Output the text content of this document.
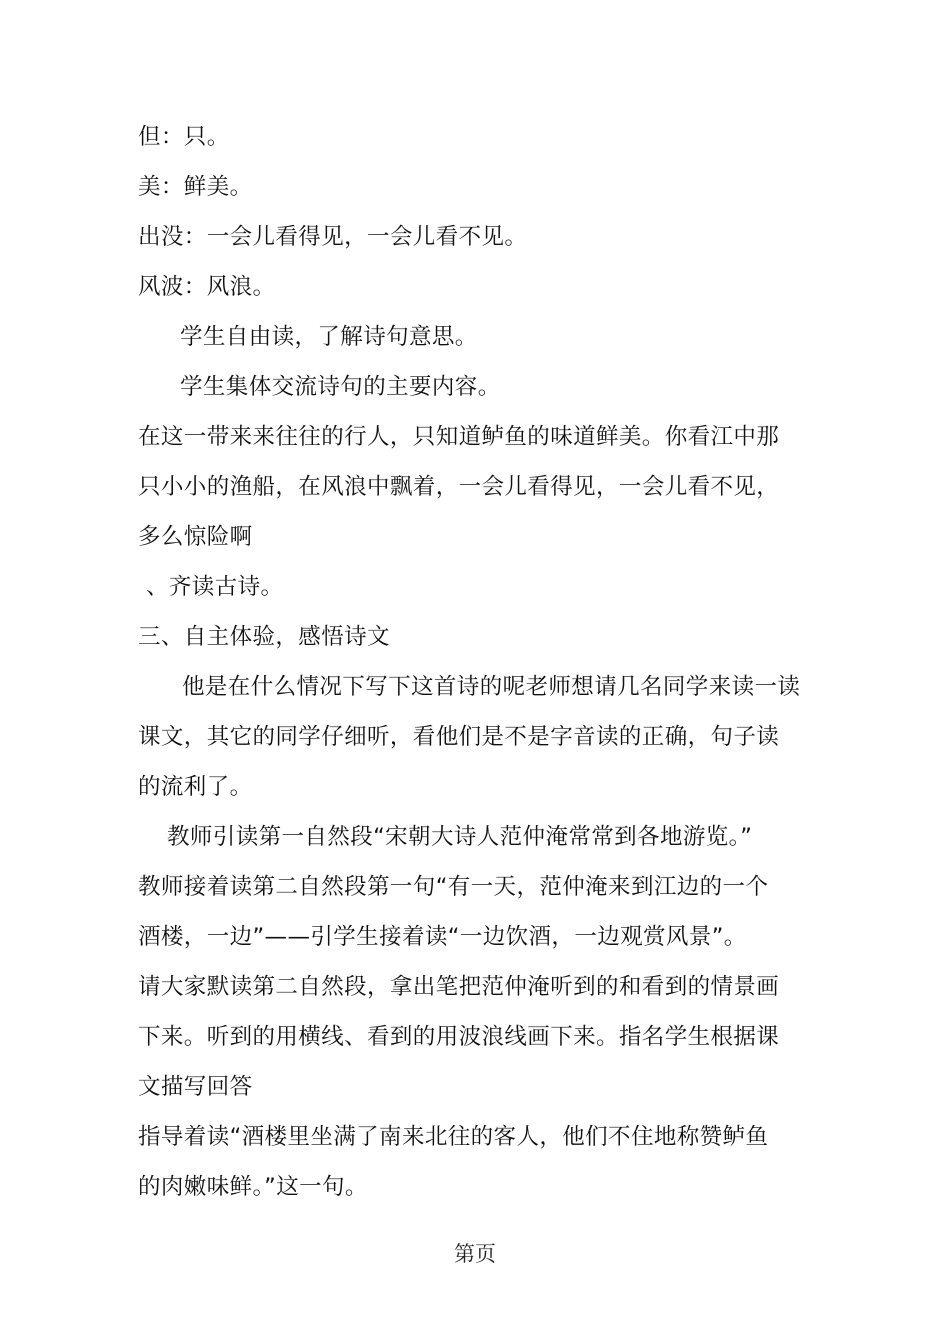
但：只。
美：鲜美。
出没：一会儿看得见，一会儿看不见。
风波：风浪。
学生自由读，了解诗句意思。
学生集体交流诗句的主要内容。
在这一带来来往往的行人，只知道鲈鱼的味道鲜美。你看江中那
只小小的渔船，在风浪中飘着，一会儿看得见，一会儿看不见，
多么惊险啊
、齐读古诗。
三、自主体验，感悟诗文
他是在什么情况下写下这首诗的呢老师想请几名同学来读一读
课文，其它的同学仔细听，看他们是不是字音读的正确，句子读
的流利了。
教师引读第一自然段“宋朝大诗人范仲淹常常到各地游览。”
教师接着读第二自然段第一句“有一天，范仲淹来到江边的一个
酒楼，一边”——引学生接着读“一边饮酒，一边观赏风景”。
请大家默读第二自然段，拿出笔把范仲淹听到的和看到的情景画
下来。听到的用横线、看到的用波浪线画下来。指名学生根据课
文描写回答
指导着读“酒楼里坐满了南来北往的客人，他们不住地称赞鲈鱼
的肉嫩味鲜。”这一句。
第页
